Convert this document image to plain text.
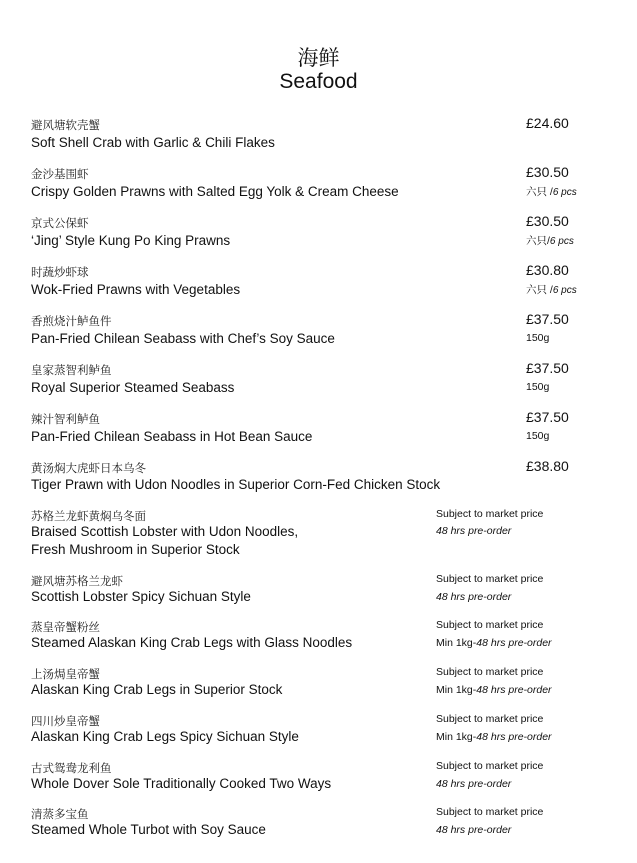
海鲜
Seafood
避风塘软壳蟹
Soft Shell Crab with Garlic & Chili Flakes
£24.60
金沙基围虾
Crispy Golden Prawns with Salted Egg Yolk & Cream Cheese
£30.50
六只 /6 pcs
京式公保虾
‘Jing’ Style Kung Po King Prawns
£30.50
六只/6 pcs
时蔬炒虾球
Wok-Fried Prawns with Vegetables
£30.80
六只 /6 pcs
香煎烧汁鲈鱼件
Pan-Fried Chilean Seabass with Chef’s Soy Sauce
£37.50
150g
皇家蒸智利鲈鱼
Royal Superior Steamed Seabass
£37.50
150g
辣汁智利鲈鱼
Pan-Fried Chilean Seabass in Hot Bean Sauce
£37.50
150g
黄汤焖大虎虾日本乌冬
Tiger Prawn with Udon Noodles in Superior Corn-Fed Chicken Stock
£38.80
苏格兰龙虾黄焖乌冬面
Braised Scottish Lobster with Udon Noodles,
Fresh Mushroom in Superior Stock
Subject to market price
48 hrs pre-order
避风塘苏格兰龙虾
Scottish Lobster Spicy Sichuan Style
Subject to market price
48 hrs pre-order
蒸皇帝蟹粉丝
Steamed Alaskan King Crab Legs with Glass Noodles
Subject to market price
Min 1kg-48 hrs pre-order
上汤焗皇帝蟹
Alaskan King Crab Legs in Superior Stock
Subject to market price
Min 1kg-48 hrs pre-order
四川炒皇帝蟹
Alaskan King Crab Legs Spicy Sichuan Style
Subject to market price
Min 1kg-48 hrs pre-order
古式鸳鸯龙利鱼
Whole Dover Sole Traditionally Cooked Two Ways
Subject to market price
48 hrs pre-order
清蒸多宝鱼
Steamed Whole Turbot with Soy Sauce
Subject to market price
48 hrs pre-order
